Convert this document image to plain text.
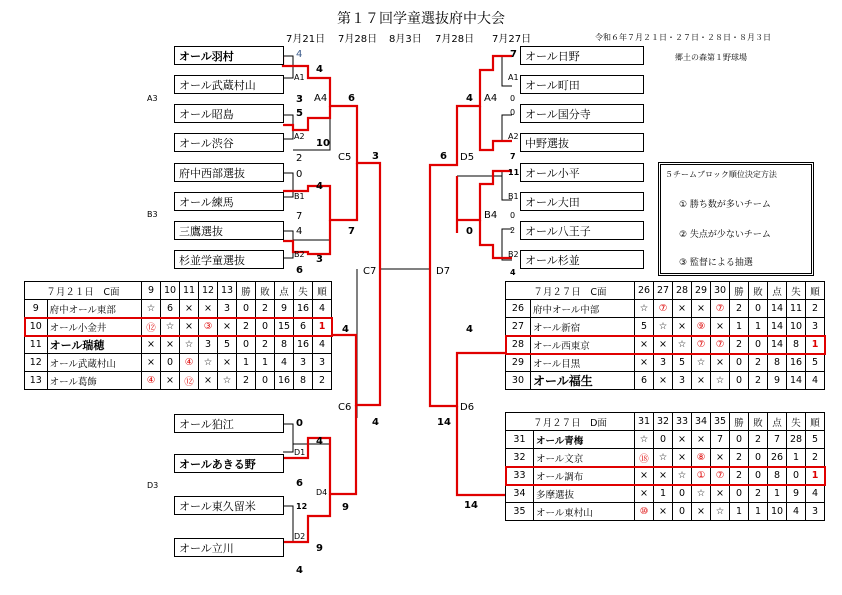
第１７回学童選抜府中大会
7月21日 7月28日 8月3日 7月28日 7月27日	令和６年７月２１日・２７日・２８日・８月３日
郷土の森第１野球場
A3
B3
D3
オール羽村
オール武蔵村山
オール昭島
オール渋谷
府中西部選抜
オール練馬
三鷹選抜
杉並学童選抜
オール狛江
オールあきる野
オール東久留米
オール立川
4
3
5
2
0
7
4
6
0
6
12
4
4
6
10
3
4
7
3
4
4
4
9
9
A1
A2
A4
C5
B1
B2
C7
D1
D2
D4
C6
オール日野
オール町田
オール国分寺
中野選抜
オール小平
オール大田
オール八王子
オール杉並
7
0
0
7
11
0
2
4
A1
A2
A4
D5
B1
B2
B4
D7
D6
4
6
0
4
14
14
５チームブロック順位決定方法
① 勝ち数が多いチーム
② 失点が少ないチーム
③ 監督による抽選
７月２１日　C面		9	10	11	12	13	勝	敗	点	失	順
9	府中オール東部	☆	6	×	×	3	0	2	9	16	4
10	オール小金井	⑫	☆	×	③	×	2	0	15	6	1
11	オール瑞穂	×	×	☆	3	5	0	2	8	16	4
12	オール武蔵村山	×	0	④	☆	×	1	1	4	3	3
13	オール葛飾	④	×	⑫	×	☆	2	0	16	8	2
７月２７日　C面		26	27	28	29	30	勝	敗	点	失	順
26	府中オール中部	☆	⑦	×	×	⑦	2	0	14	11	2
27	オール新宿	5	☆	×	⑨	×	1	1	14	10	3
28	オール西東京	×	×	☆	⑦	⑦	2	0	14	8	1
29	オール目黒	×	3	5	☆	×	0	2	8	16	5
30	オール福生	6	×	3	×	☆	0	2	9	14	4
７月２７日　D面		31	32	33	34	35	勝	敗	点	失	順
31	オール青梅	☆	0	×	×	7	0	2	7	28	5
32	オール文京	⑱	☆	×	⑧	×	2	0	26	1	2
33	オール調布	×	×	☆	①	⑦	2	0	8	0	1
34	多摩選抜	×	1	0	☆	×	0	2	1	9	4
35	オール東村山	⑩	×	0	×	☆	1	1	10	4	3
